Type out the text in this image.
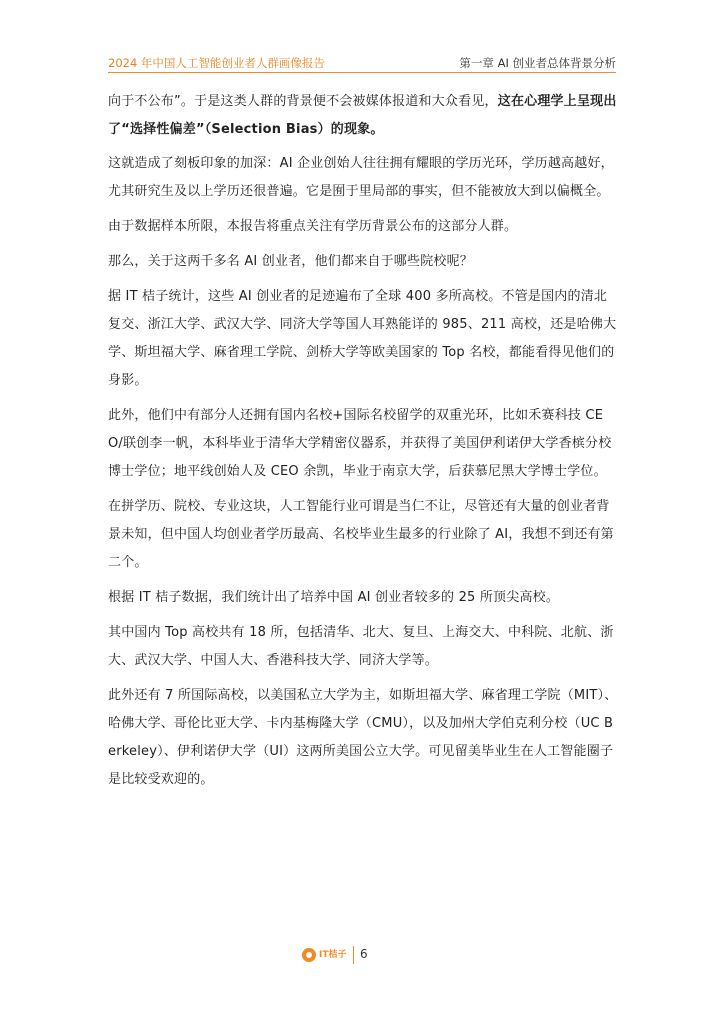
2024 年中国人工智能创业者人群画像报告	第一章 AI 创业者总体背景分析

向于不公布”。于是这类人群的背景便不会被媒体报道和大众看见，这在心理学上呈现出了“选择性偏差”（Selection Bias）的现象。

这就造成了刻板印象的加深：AI 企业创始人往往拥有耀眼的学历光环，学历越高越好，尤其研究生及以上学历还很普遍。它是囿于里局部的事实，但不能被放大到以偏概全。

由于数据样本所限，本报告将重点关注有学历背景公布的这部分人群。

那么，关于这两千多名 AI 创业者，他们都来自于哪些院校呢？

据 IT 桔子统计，这些 AI 创业者的足迹遍布了全球 400 多所高校。不管是国内的清北复交、浙江大学、武汉大学、同济大学等国人耳熟能详的 985、211 高校，还是哈佛大学、斯坦福大学、麻省理工学院、剑桥大学等欧美国家的 Top 名校，都能看得见他们的身影。

此外，他们中有部分人还拥有国内名校+国际名校留学的双重光环，比如禾赛科技 CEO/联创李一帆，本科毕业于清华大学精密仪器系，并获得了美国伊利诺伊大学香槟分校博士学位；地平线创始人及 CEO 余凯，毕业于南京大学，后获慕尼黑大学博士学位。

在拼学历、院校、专业这块，人工智能行业可谓是当仁不让，尽管还有大量的创业者背景未知，但中国人均创业者学历最高、名校毕业生最多的行业除了 AI，我想不到还有第二个。

根据 IT 桔子数据，我们统计出了培养中国 AI 创业者较多的 25 所顶尖高校。

其中国内 Top 高校共有 18 所，包括清华、北大、复旦、上海交大、中科院、北航、浙大、武汉大学、中国人大、香港科技大学、同济大学等。

此外还有 7 所国际高校，以美国私立大学为主，如斯坦福大学、麻省理工学院（MIT）、哈佛大学、哥伦比亚大学、卡内基梅隆大学（CMU），以及加州大学伯克利分校（UC Berkeley）、伊利诺伊大学（UI）这两所美国公立大学。可见留美毕业生在人工智能圈子是比较受欢迎的。

IT桔子 6
